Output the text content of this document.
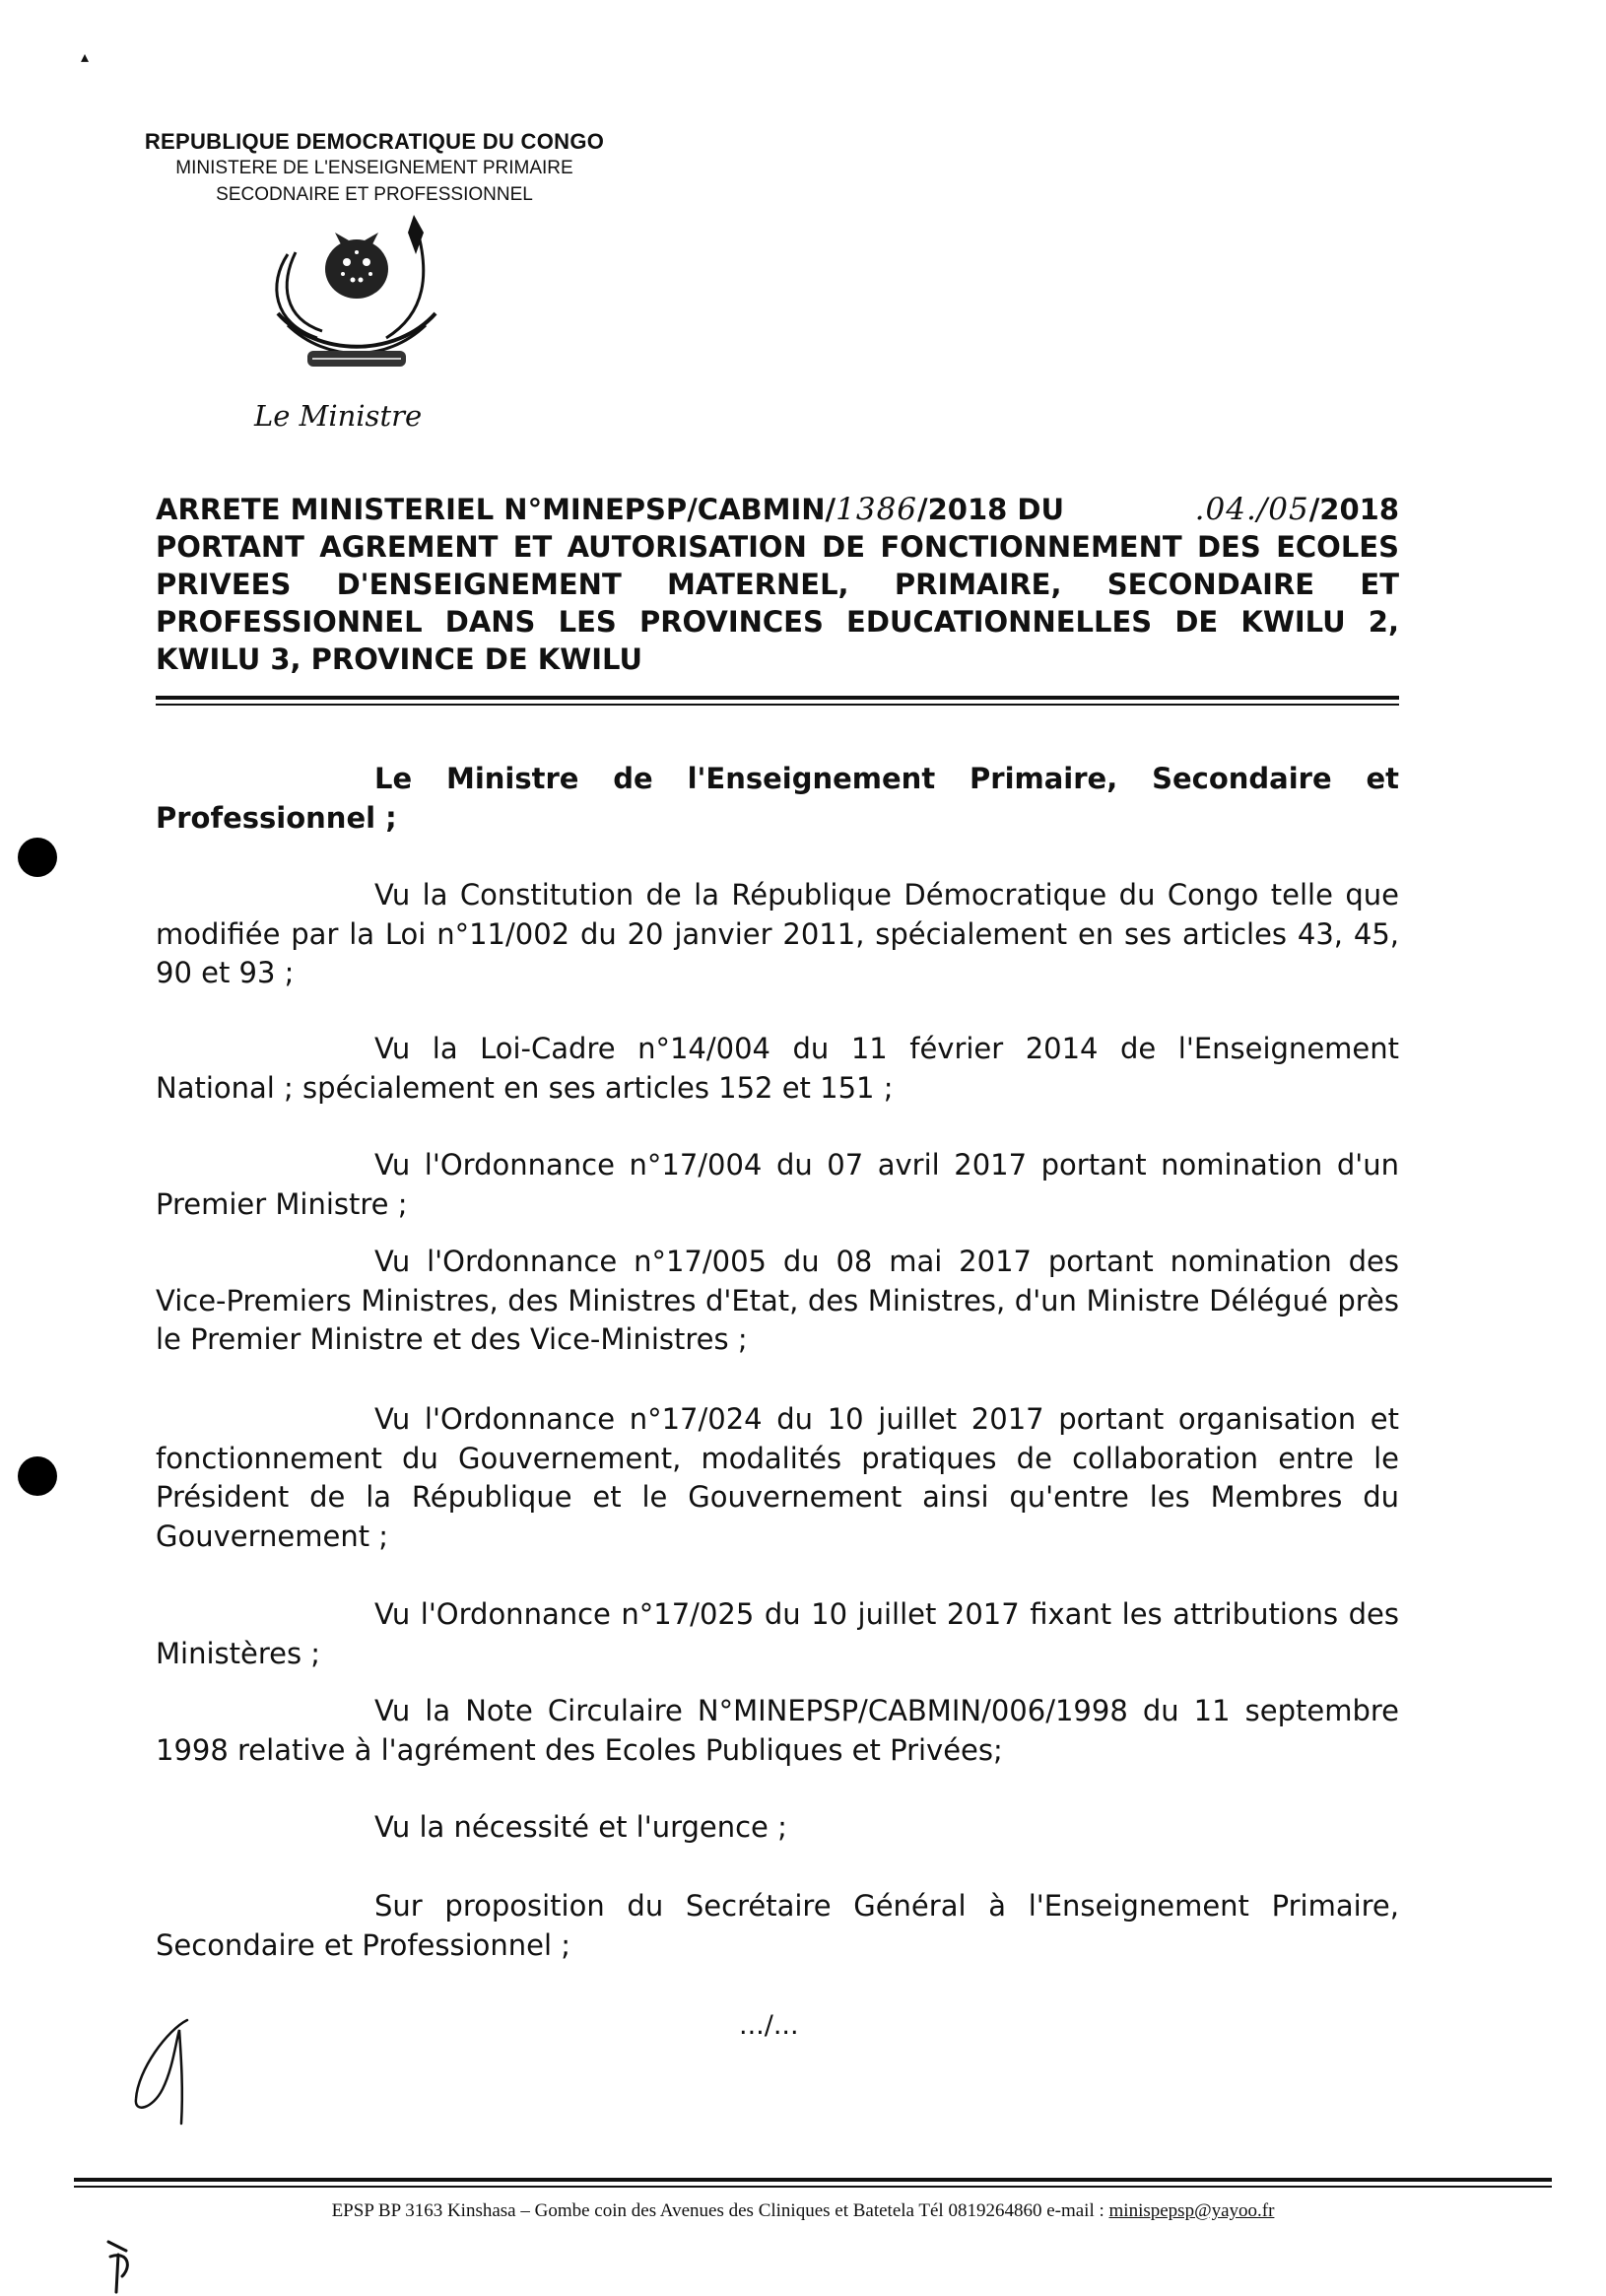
▴
REPUBLIQUE DEMOCRATIQUE DU CONGO
MINISTERE DE L'ENSEIGNEMENT PRIMAIRE
SECODNAIRE ET PROFESSIONNEL
Le Ministre
ARRETE MINISTERIEL N°MINEPSP/CABMIN/1386/2018 DU	.04./05/2018
PORTANT AGREMENT ET AUTORISATION DE FONCTIONNEMENT DES ECOLES PRIVEES D'ENSEIGNEMENT MATERNEL, PRIMAIRE, SECONDAIRE ET PROFESSIONNEL DANS LES PROVINCES EDUCATIONNELLES DE KWILU 2, KWILU 3, PROVINCE DE KWILU
Le Ministre de l'Enseignement Primaire, Secondaire et Professionnel ;
Vu la Constitution de la République Démocratique du Congo telle que modifiée par la Loi n°11/002 du 20 janvier 2011, spécialement en ses articles 43, 45, 90 et 93 ;
Vu la Loi-Cadre n°14/004 du 11 février 2014 de l'Enseignement National ; spécialement en ses articles 152 et 151 ;
Vu l'Ordonnance n°17/004 du 07 avril 2017 portant nomination d'un Premier Ministre ;
Vu l'Ordonnance n°17/005 du 08 mai 2017 portant nomination des Vice-Premiers Ministres, des Ministres d'Etat, des Ministres, d'un Ministre Délégué près le Premier Ministre et des Vice-Ministres ;
Vu l'Ordonnance n°17/024 du 10 juillet 2017 portant organisation et fonctionnement du Gouvernement, modalités pratiques de collaboration entre le Président de la République et le Gouvernement ainsi qu'entre les Membres du Gouvernement ;
Vu l'Ordonnance n°17/025 du 10 juillet 2017 fixant les attributions des Ministères ;
Vu la Note Circulaire N°MINEPSP/CABMIN/006/1998 du 11 septembre 1998 relative à l'agrément des Ecoles Publiques et Privées;
Vu la nécessité et l'urgence ;
Sur proposition du Secrétaire Général à l'Enseignement Primaire, Secondaire et Professionnel ;
.../...
EPSP BP 3163 Kinshasa – Gombe coin des Avenues des Cliniques et Batetela Tél 0819264860 e-mail : minispepsp@yayoo.fr
